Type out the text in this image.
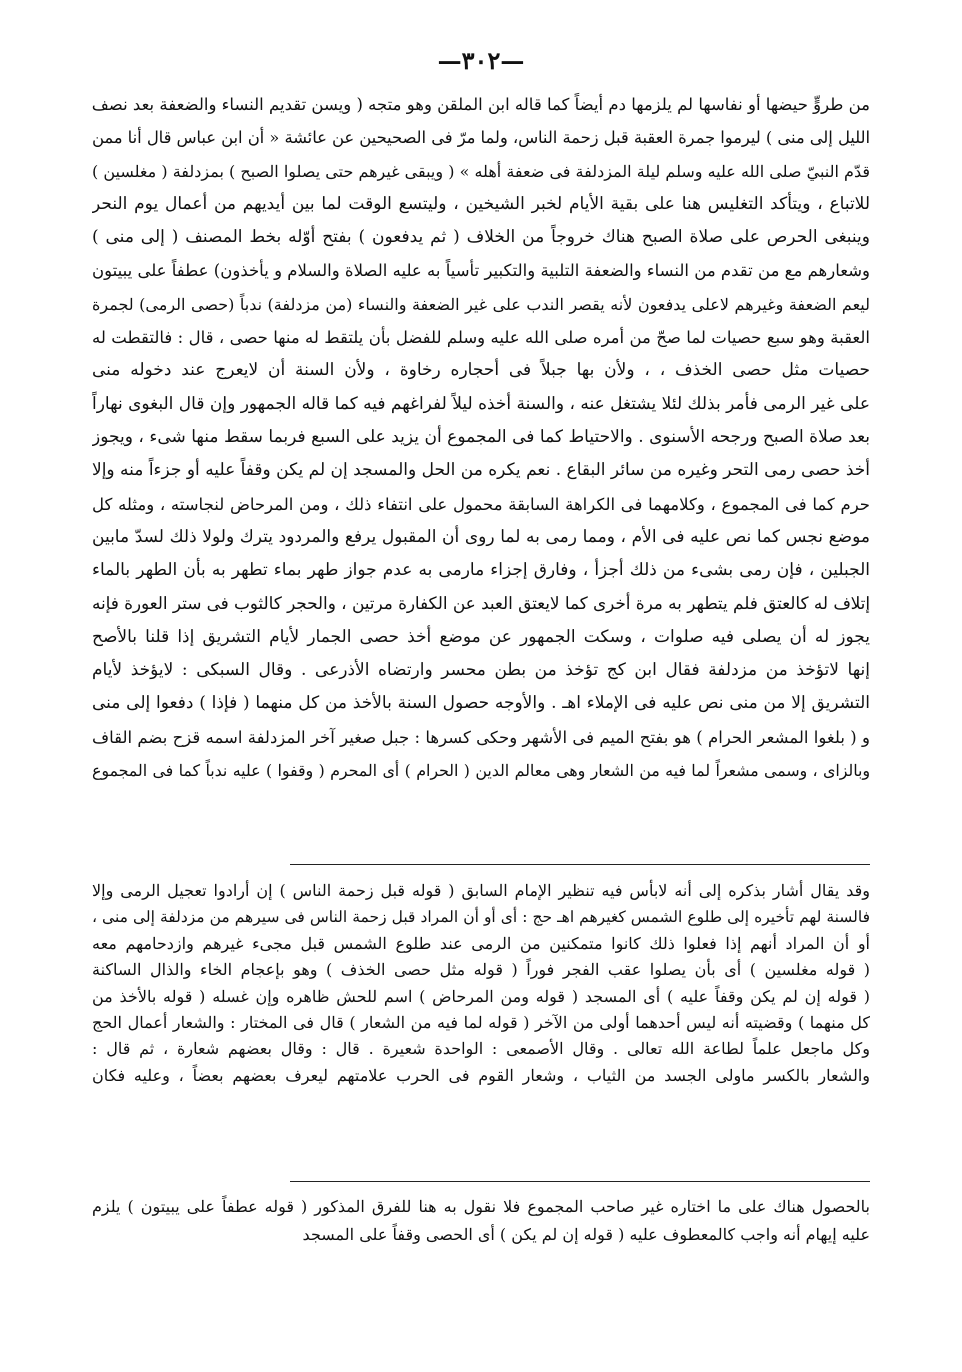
—٣٠٢—
من طروٍّ حيضها أو نفاسها لم يلزمها دم أيضاً كما قاله ابن الملقن وهو متجه ( ويسن تقديم النساء والضعفة بعد نصف
الليل إلى منى ) ليرموا جمرة العقبة قبل زحمة الناس، ولما مرّ فى الصحيحين عن عائشة « أن ابن عباس قال أنا ممن
قدّم النبيّ صلى الله عليه وسلم ليلة المزدلفة فى ضعفة أهله » ( ويبقى غيرهم حتى يصلوا الصبح ) بمزدلفة ( مغلسين )
للاتباع ، ويتأكد التغليس هنا على بقية الأيام لخبر الشيخين ، وليتسع الوقت لما بين أيديهم من أعمال يوم النحر
وينبغى الحرص على صلاة الصبح هناك خروجاً من الخلاف ( ثم يدفعون ) بفتح أوّله بخط المصنف ( إلى منى )
وشعارهم مع من تقدم من النساء والضعفة التلبية والتكبير تأسياً به عليه الصلاة والسلام و يأخذون) عطفاً على يبيتون
ليعم الضعفة وغيرهم لاعلى يدفعون لأنه يقصر الندب على غير الضعفة والنساء (من مزدلفة) ندباً (حصى الرمى) لجمرة
العقبة وهو سبع حصيات لما صحّ من أمره صلى الله عليه وسلم للفضل بأن يلتقط له منها حصى ، قال : فالتقطت له
حصيات مثل حصى الخذف ، ، ولأن بها جبلاً فى أحجاره رخاوة ، ولأن السنة أن لايعرج عند دخوله منى
على غير الرمى فأمر بذلك لئلا يشتغل عنه ، والسنة أخذه ليلاً لفراغهم فيه كما قاله الجمهور وإن قال البغوى نهاراً
بعد صلاة الصبح ورجحه الأسنوى . والاحتياط كما فى المجموع أن يزيد على السبع فربما سقط منها شىء ، ويجوز
أخذ حصى رمى التحر وغيره من سائر البقاع . نعم يكره من الحل والمسجد إن لم يكن وقفاً عليه أو جزءاً منه وإلا
حرم كما فى المجموع ، وكلامهما فى الكراهة السابقة محمول على انتفاء ذلك ، ومن المرحاض لنجاسته ، ومثله كل
موضع نجس كما نص عليه فى الأم ، ومما رمى به لما روى أن المقبول يرفع والمردود يترك ولولا ذلك لسدّ مابين
الجبلين ، فإن رمى بشىء من ذلك أجزأ ، وفارق إجزاء مارمى به عدم جواز طهر بماء تطهر به بأن الطهر بالماء
إتلاف له كالعتق فلم يتطهر به مرة أخرى كما لايعتق العبد عن الكفارة مرتين ، والحجر كالثوب فى ستر العورة فإنه
يجوز له أن يصلى فيه صلوات ، وسكت الجمهور عن موضع أخذ حصى الجمار لأيام التشريق إذا قلنا بالأصح
إنها لاتؤخذ من مزدلفة فقال ابن كج تؤخذ من بطن محسر وارتضاه الأذرعى . وقال السبكى : لايؤخذ لأيام
التشريق إلا من منى نص عليه فى الإملاء اهـ . والأوجه حصول السنة بالأخذ من كل منهما ( فإذا ) دفعوا إلى منى
و ( بلغوا المشعر الحرام ) هو بفتح الميم فى الأشهر وحكى كسرها : جبل صغير آخر المزدلفة اسمه قزح بضم القاف
وبالزاى ، وسمى مشعراً لما فيه من الشعار وهى معالم الدين ( الحرام ) أى المحرم ( وقفوا ) عليه ندباً كما فى المجموع
وقد يقال أشار بذكره إلى أنه لابأس فيه تنظير الإمام السابق ( قوله قبل زحمة الناس ) إن أرادوا تعجيل الرمى وإلا
فالسنة لهم تأخيره إلى طلوع الشمس كغيرهم اهـ حج : أى أو أن المراد قبل زحمة الناس فى سيرهم من مزدلفة إلى منى ،
أو أن المراد أنهم إذا فعلوا ذلك كانوا متمكنين من الرمى عند طلوع الشمس قبل مجىء غيرهم وازدحامهم معه
( قوله مغلسين ) أى بأن يصلوا عقب الفجر فوراً ( قوله مثل حصى الخذف ) وهو بإعجام الخاء والذال الساكنة
( قوله إن لم يكن وقفاً عليه ) أى المسجد ( قوله ومن المرحاض ) اسم للحش ظاهره وإن غسله ( قوله بالأخذ من
كل منهما ) وقضيته أنه ليس أحدهما أولى من الآخر ( قوله لما فيه من الشعار ) قال فى المختار : والشعار أعمال الحج
وكل ماجعل علماً لطاعة الله تعالى . وقال الأصمعى : الواحدة شعيرة . قال : وقال بعضهم شعارة ، ثم قال :
والشعار بالكسر ماولى الجسد من الثياب ، وشعار القوم فى الحرب علامتهم ليعرف بعضهم بعضاً ، وعليه فكان
بالحصول هناك على ما اختاره غير صاحب المجموع فلا نقول به هنا للفرق المذكور ( قوله عطفاً على يبيتون ) يلزم
عليه إيهام أنه واجب كالمعطوف عليه ( قوله إن لم يكن ) أى الحصى وقفاً على المسجد
